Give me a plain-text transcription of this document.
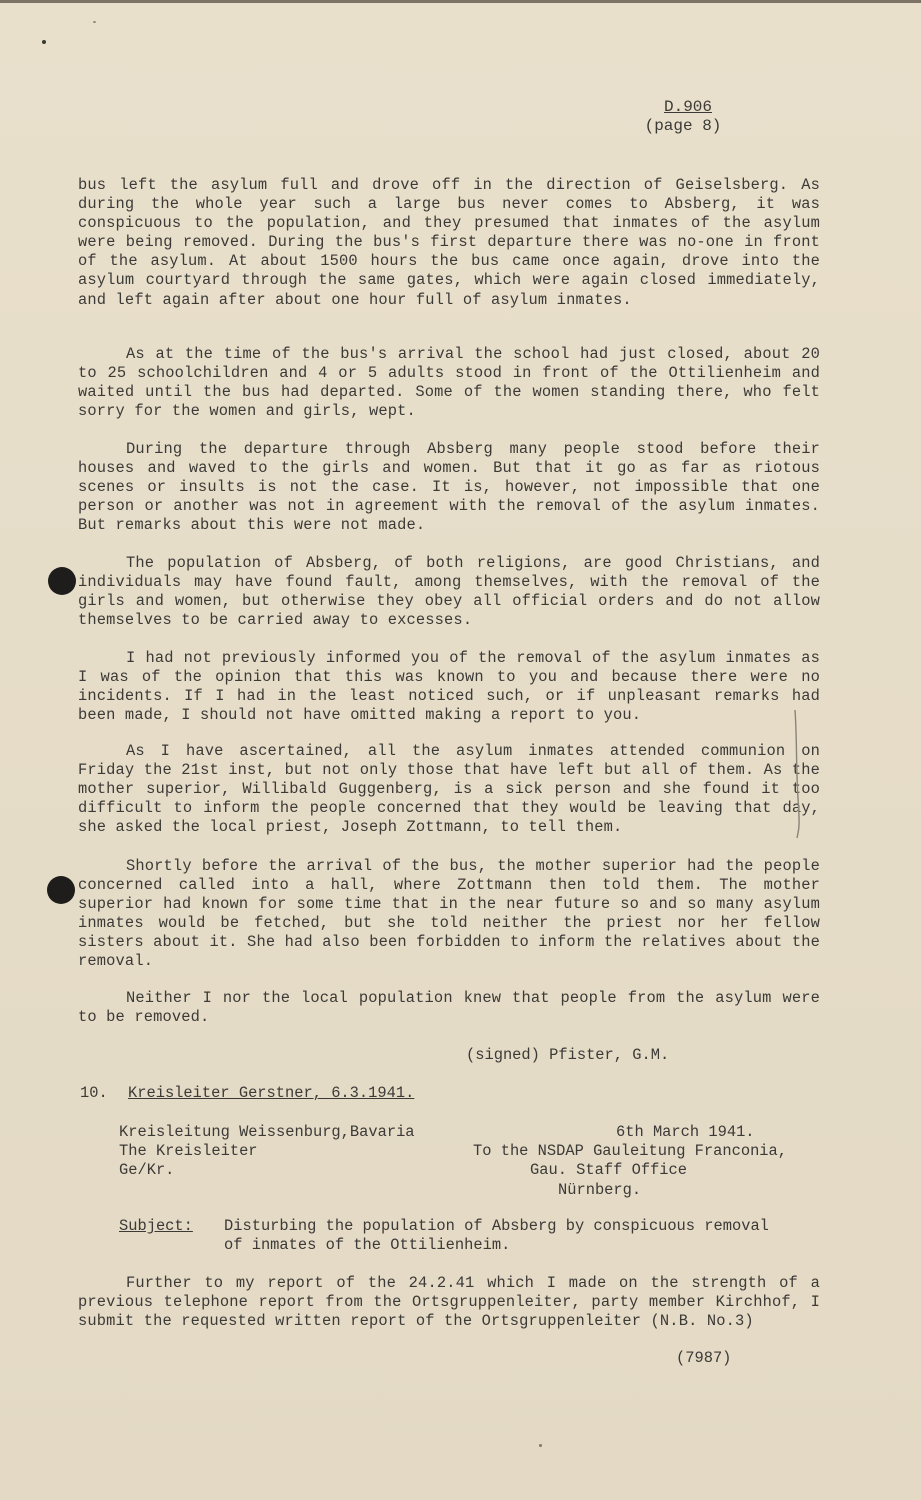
D.906
(page 8)
bus left the asylum full and drove off in the direction of Geiselsberg. As during the whole year such a large bus never comes to Absberg, it was conspicuous to the population, and they presumed that inmates of the asylum were being removed. During the bus's first departure there was no-one in front of the asylum. At about 1500 hours the bus came once again, drove into the asylum courtyard through the same gates, which were again closed immediately, and left again after about one hour full of asylum inmates.
As at the time of the bus's arrival the school had just closed, about 20 to 25 schoolchildren and 4 or 5 adults stood in front of the Ottilienheim and waited until the bus had departed. Some of the women standing there, who felt sorry for the women and girls, wept.
During the departure through Absberg many people stood before their houses and waved to the girls and women. But that it go as far as riotous scenes or insults is not the case. It is, however, not impossible that one person or another was not in agreement with the removal of the asylum inmates. But remarks about this were not made.
The population of Absberg, of both religions, are good Christians, and individuals may have found fault, among themselves, with the removal of the girls and women, but otherwise they obey all official orders and do not allow themselves to be carried away to excesses.
I had not previously informed you of the removal of the asylum inmates as I was of the opinion that this was known to you and because there were no incidents. If I had in the least noticed such, or if unpleasant remarks had been made, I should not have omitted making a report to you.
As I have ascertained, all the asylum inmates attended communion on Friday the 21st inst, but not only those that have left but all of them. As the mother superior, Willibald Guggenberg, is a sick person and she found it too difficult to inform the people concerned that they would be leaving that day, she asked the local priest, Joseph Zottmann, to tell them.
Shortly before the arrival of the bus, the mother superior had the people concerned called into a hall, where Zottmann then told them. The mother superior had known for some time that in the near future so and so many asylum inmates would be fetched, but she told neither the priest nor her fellow sisters about it. She had also been forbidden to inform the relatives about the removal.
Neither I nor the local population knew that people from the asylum were to be removed.
(signed) Pfister, G.M.
10. Kreisleiter Gerstner, 6.3.1941.
Kreisleitung Weissenburg,Bavaria
The Kreisleiter
Ge/Kr.
6th March 1941.
To the NSDAP Gauleitung Franconia,
Gau. Staff Office
Nürnberg.
Subject: Disturbing the population of Absberg by conspicuous removal
of inmates of the Ottilienheim.
Further to my report of the 24.2.41 which I made on the strength of a previous telephone report from the Ortsgruppenleiter, party member Kirchhof, I submit the requested written report of the Ortsgruppenleiter (N.B. No.3)
(7987)
